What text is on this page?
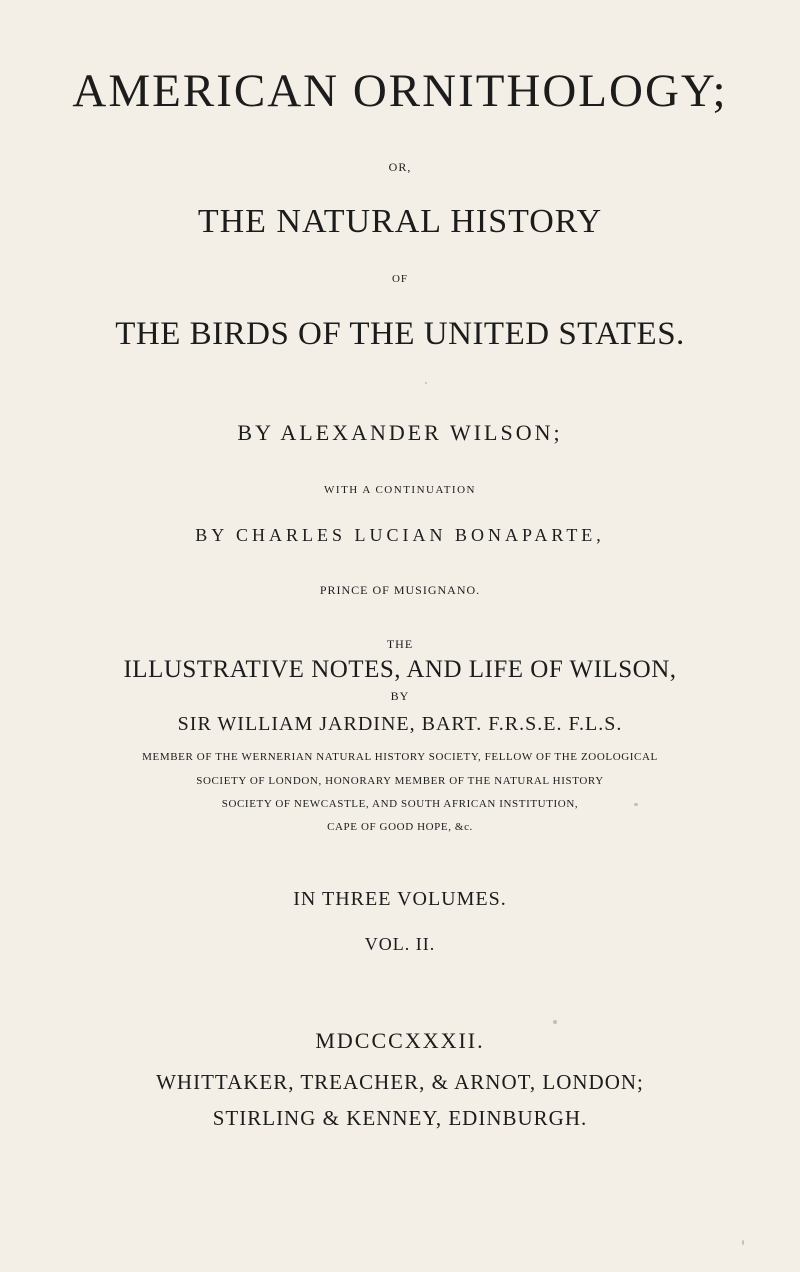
AMERICAN ORNITHOLOGY;
OR,
THE NATURAL HISTORY
OF
THE BIRDS OF THE UNITED STATES.
BY ALEXANDER WILSON;
WITH A CONTINUATION
BY CHARLES LUCIAN BONAPARTE,
PRINCE OF MUSIGNANO.
THE
ILLUSTRATIVE NOTES, AND LIFE OF WILSON,
BY
SIR WILLIAM JARDINE, BART. F.R.S.E. F.L.S.
MEMBER OF THE WERNERIAN NATURAL HISTORY SOCIETY, FELLOW OF THE ZOOLOGICAL
SOCIETY OF LONDON, HONORARY MEMBER OF THE NATURAL HISTORY
SOCIETY OF NEWCASTLE, AND SOUTH AFRICAN INSTITUTION,
CAPE OF GOOD HOPE, &c.
IN THREE VOLUMES.
VOL. II.
MDCCCXXXII.
WHITTAKER, TREACHER, & ARNOT, LONDON;
STIRLING & KENNEY, EDINBURGH.
